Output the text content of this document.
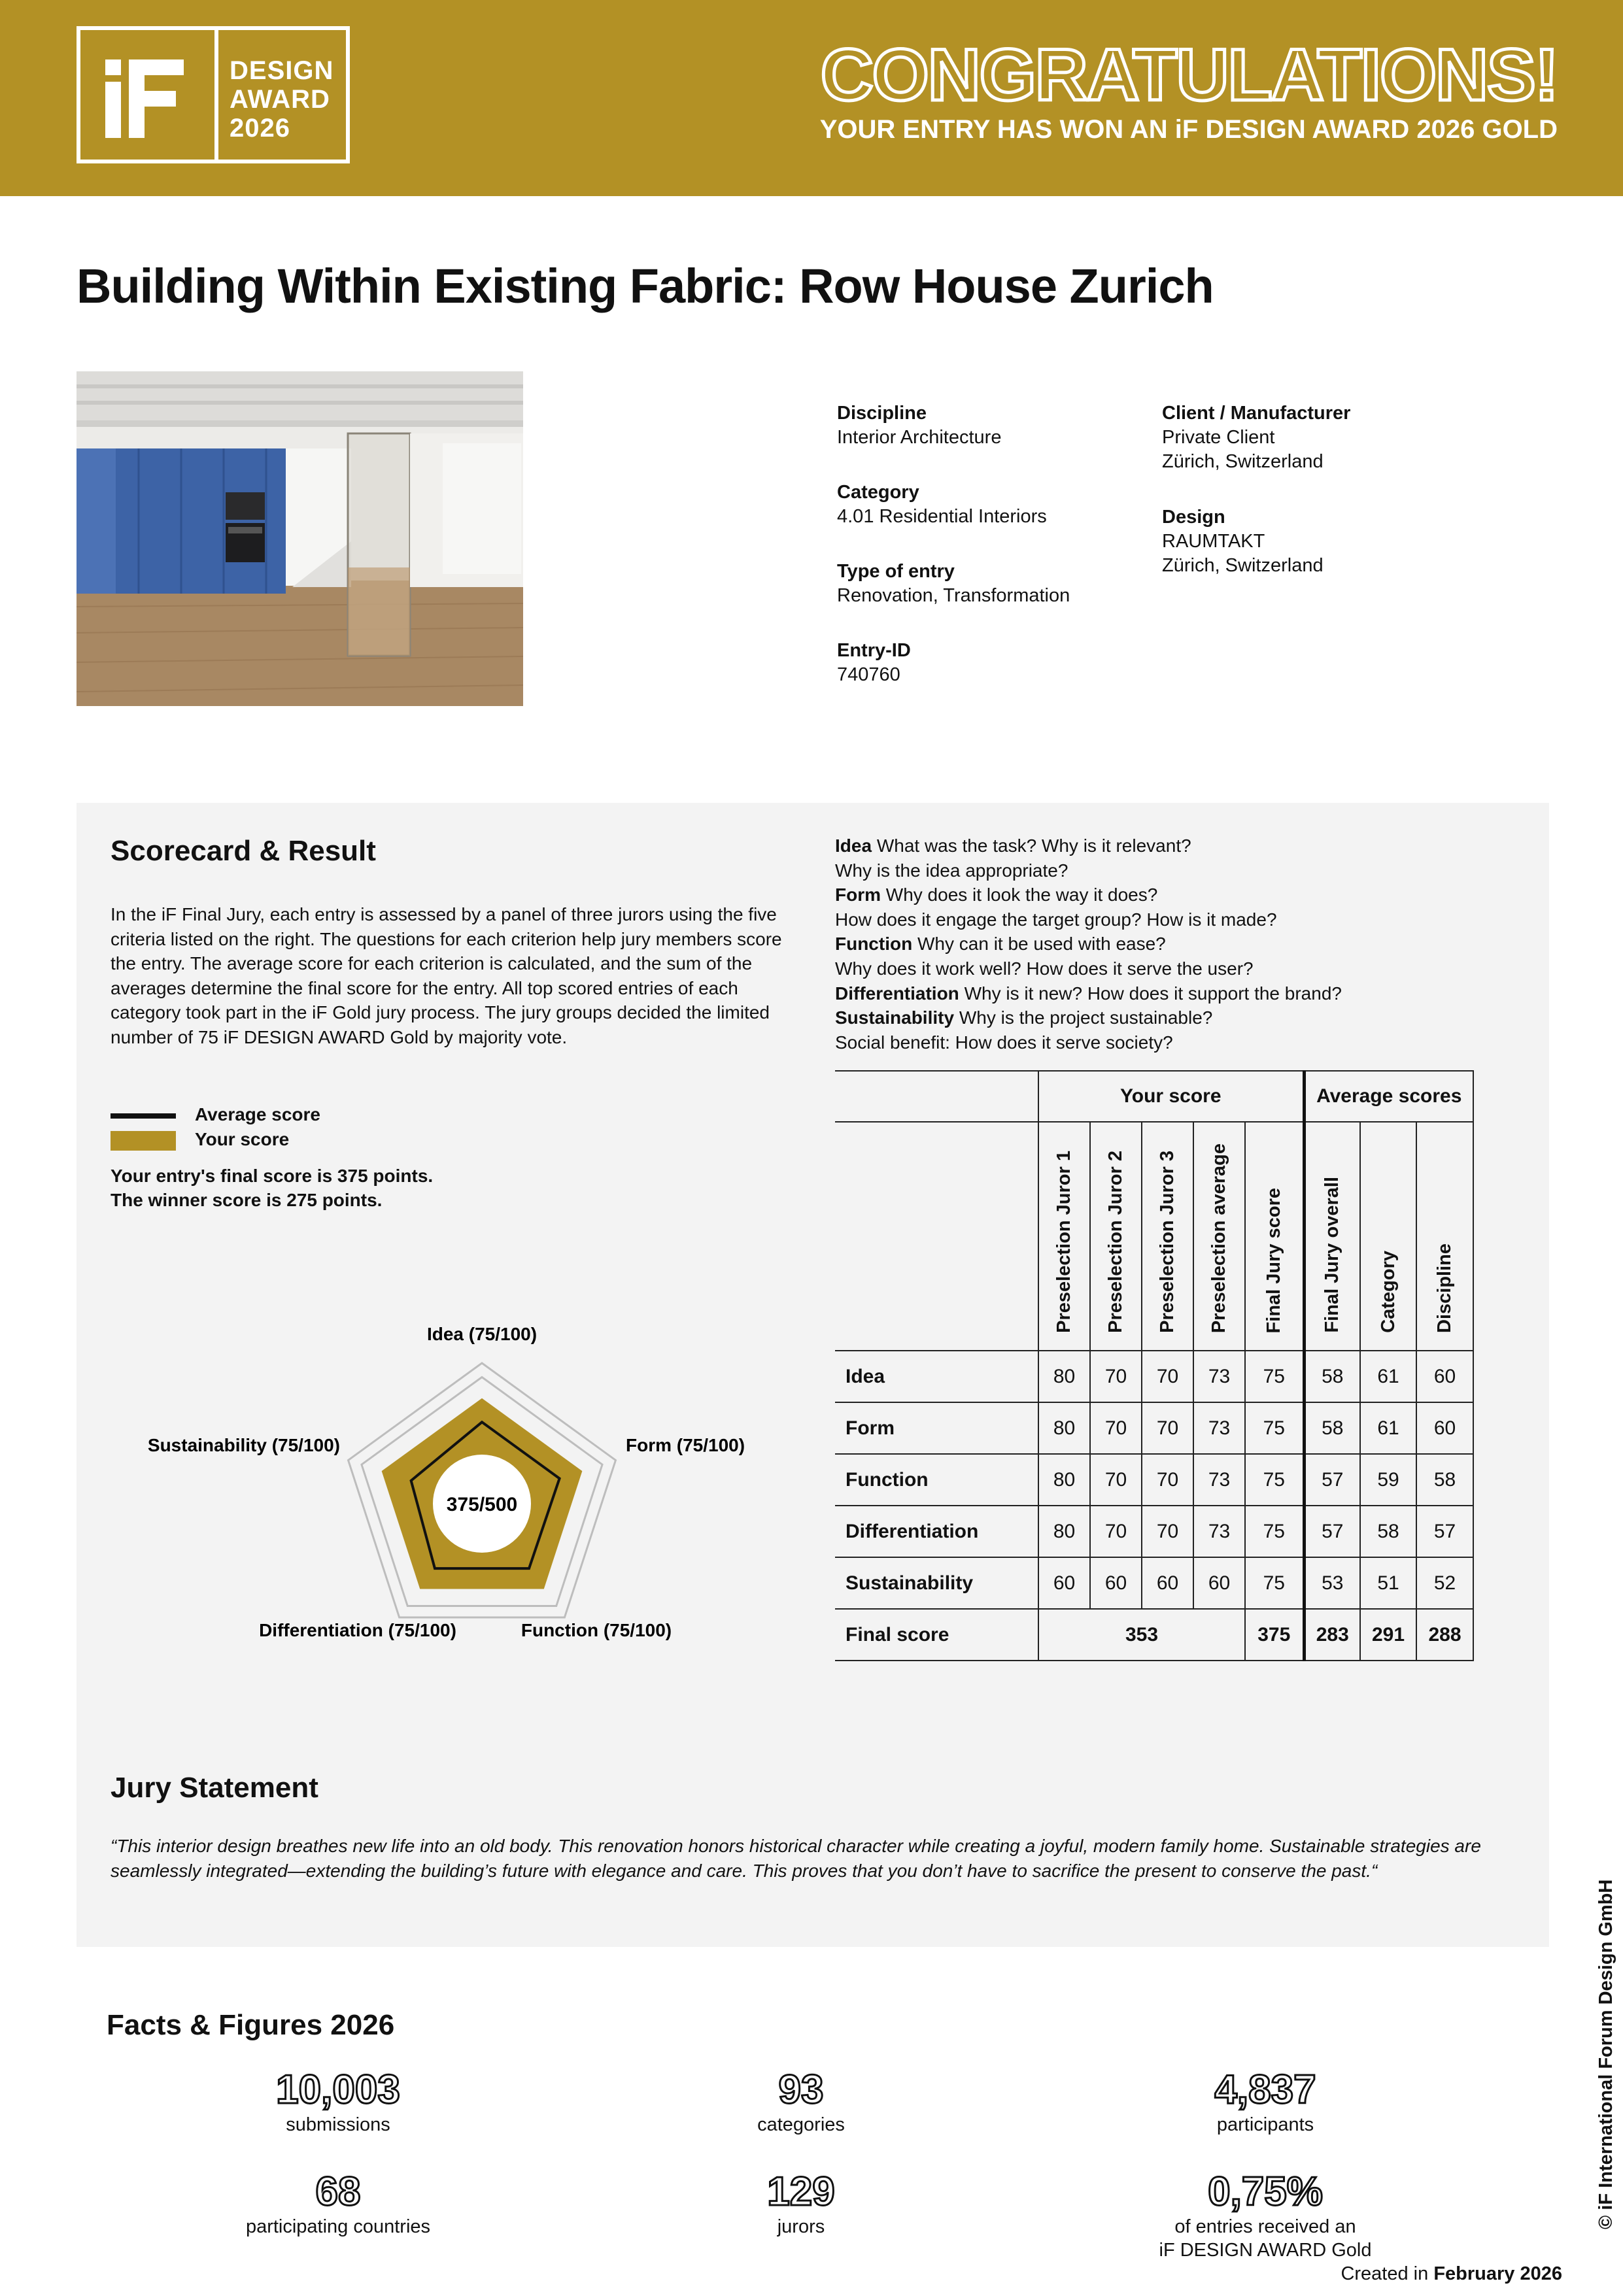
DESIGN
AWARD
2026
CONGRATULATIONS!
YOUR ENTRY HAS WON AN iF DESIGN AWARD 2026 GOLD
Building Within Existing Fabric: Row House Zurich
Discipline
Interior Architecture
Category
4.01 Residential Interiors
Type of entry
Renovation, Transformation
Entry-ID
740760
Client / Manufacturer
Private Client
Zürich, Switzerland
Design
RAUMTAKT
Zürich, Switzerland
Scorecard & Result
In the iF Final Jury, each entry is assessed by a panel of three jurors using the five criteria listed on the right. The questions for each criterion help jury members score the entry. The average score for each criterion is calculated, and the sum of the averages determine the final score for the entry. All top scored entries of each category took part in the iF Gold jury process. The jury groups decided the limited number of 75 iF DESIGN AWARD Gold by majority vote.
Average score
Your score
Your entry's final score is 375 points.
The winner score is 275 points.
Idea What was the task? Why is it relevant?
Why is the idea appropriate?
Form Why does it look the way it does?
How does it engage the target group? How is it made?
Function Why can it be used with ease?
Why does it work well? How does it serve the user?
Differentiation Why is it new? How does it support the brand?
Sustainability Why is the project sustainable?
Social benefit: How does it serve society?
	Your score					Average scores		
	Preselection Juror 1	Preselection Juror 2	Preselection Juror 3	Preselection average	Final Jury score	Final Jury overall	Category	Discipline
Idea	80	70	70	73	75	58	61	60
Form	80	70	70	73	75	58	61	60
Function	80	70	70	73	75	57	59	58
Differentiation	80	70	70	73	75	57	58	57
Sustainability	60	60	60	60	75	53	51	52
Final score	353				375	283	291	288
375/500
Idea (75/100)
Form (75/100)
Function (75/100)
Differentiation (75/100)
Sustainability (75/100)
Jury Statement
“This interior design breathes new life into an old body. This renovation honors historical character while creating a joyful, modern family home. Sustainable strategies are seamlessly integrated—extending the building’s future with elegance and care. This proves that you don’t have to sacrifice the present to conserve the past.“
Facts & Figures 2026
10,003
submissions
93
categories
4,837
participants
68
participating countries
129
jurors
0,75%
of entries received an
iF DESIGN AWARD Gold
Created in February 2026
© iF International Forum Design GmbH
